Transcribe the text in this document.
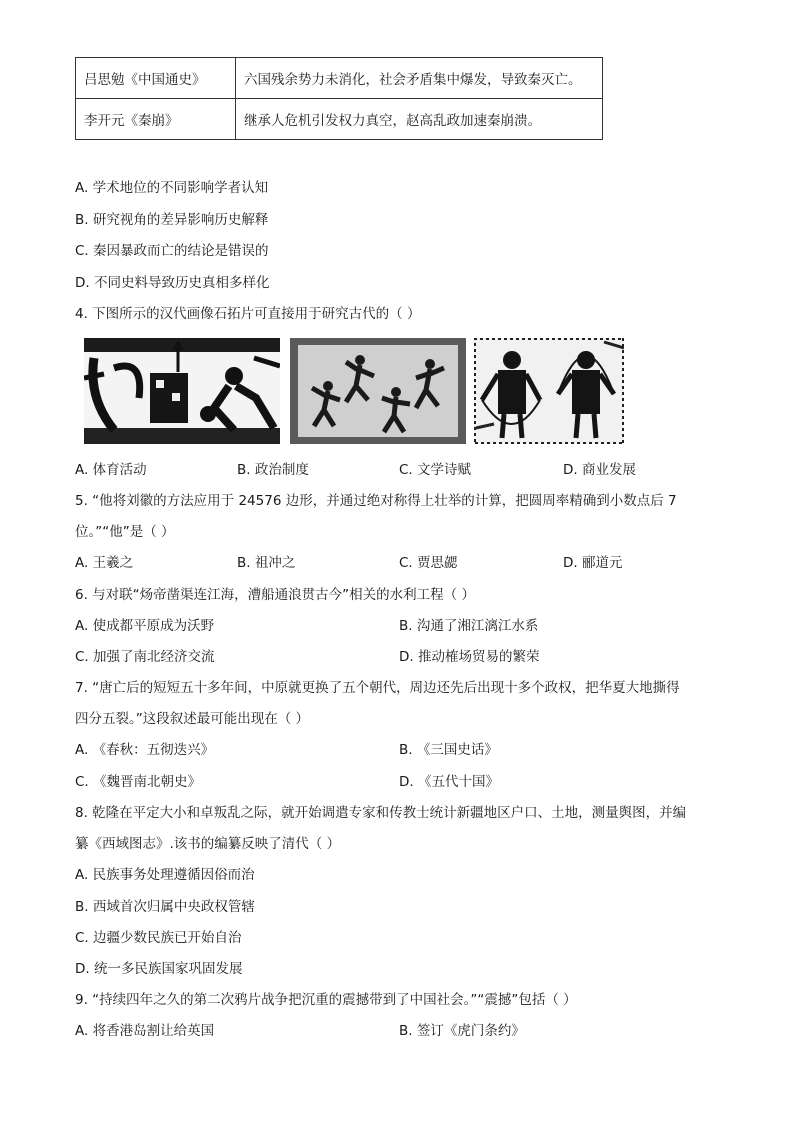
吕思勉《中国通史》	六国残余势力未消化，社会矛盾集中爆发，导致秦灭亡。
李开元《秦崩》	继承人危机引发权力真空，赵高乱政加速秦崩溃。
A. 学术地位的不同影响学者认知
B. 研究视角的差异影响历史解释
C. 秦因暴政而亡的结论是错误的
D. 不同史料导致历史真相多样化
4. 下图所示的汉代画像石拓片可直接用于研究古代的（ ）
A. 体育活动	B. 政治制度	C. 文学诗赋	D. 商业发展
5. “他将刘徽的方法应用于 24576 边形，并通过绝对称得上壮举的计算，把圆周率精确到小数点后 7
位。”“他”是（ ）
A. 王羲之	B. 祖冲之	C. 贾思勰	D. 郦道元
6. 与对联“炀帝凿渠连江海，漕船通浪贯古今”相关的水利工程（ ）
A. 使成都平原成为沃野	B. 沟通了湘江漓江水系
C. 加强了南北经济交流	D. 推动榷场贸易的繁荣
7. “唐亡后的短短五十多年间，中原就更换了五个朝代，周边还先后出现十多个政权，把华夏大地撕得
四分五裂。”这段叙述最可能出现在（ ）
A. 《春秋：五彻迭兴》	B. 《三国史话》
C. 《魏晋南北朝史》	D. 《五代十国》
8. 乾隆在平定大小和卓叛乱之际，就开始调遣专家和传教士统计新疆地区户口、土地，测量舆图，并编
纂《西域图志》.该书的编纂反映了清代（ ）
A. 民族事务处理遵循因俗而治
B. 西域首次归属中央政权管辖
C. 边疆少数民族已开始自治
D. 统一多民族国家巩固发展
9. “持续四年之久的第二次鸦片战争把沉重的震撼带到了中国社会。”“震撼”包括（ ）
A. 将香港岛割让给英国	B. 签订《虎门条约》
